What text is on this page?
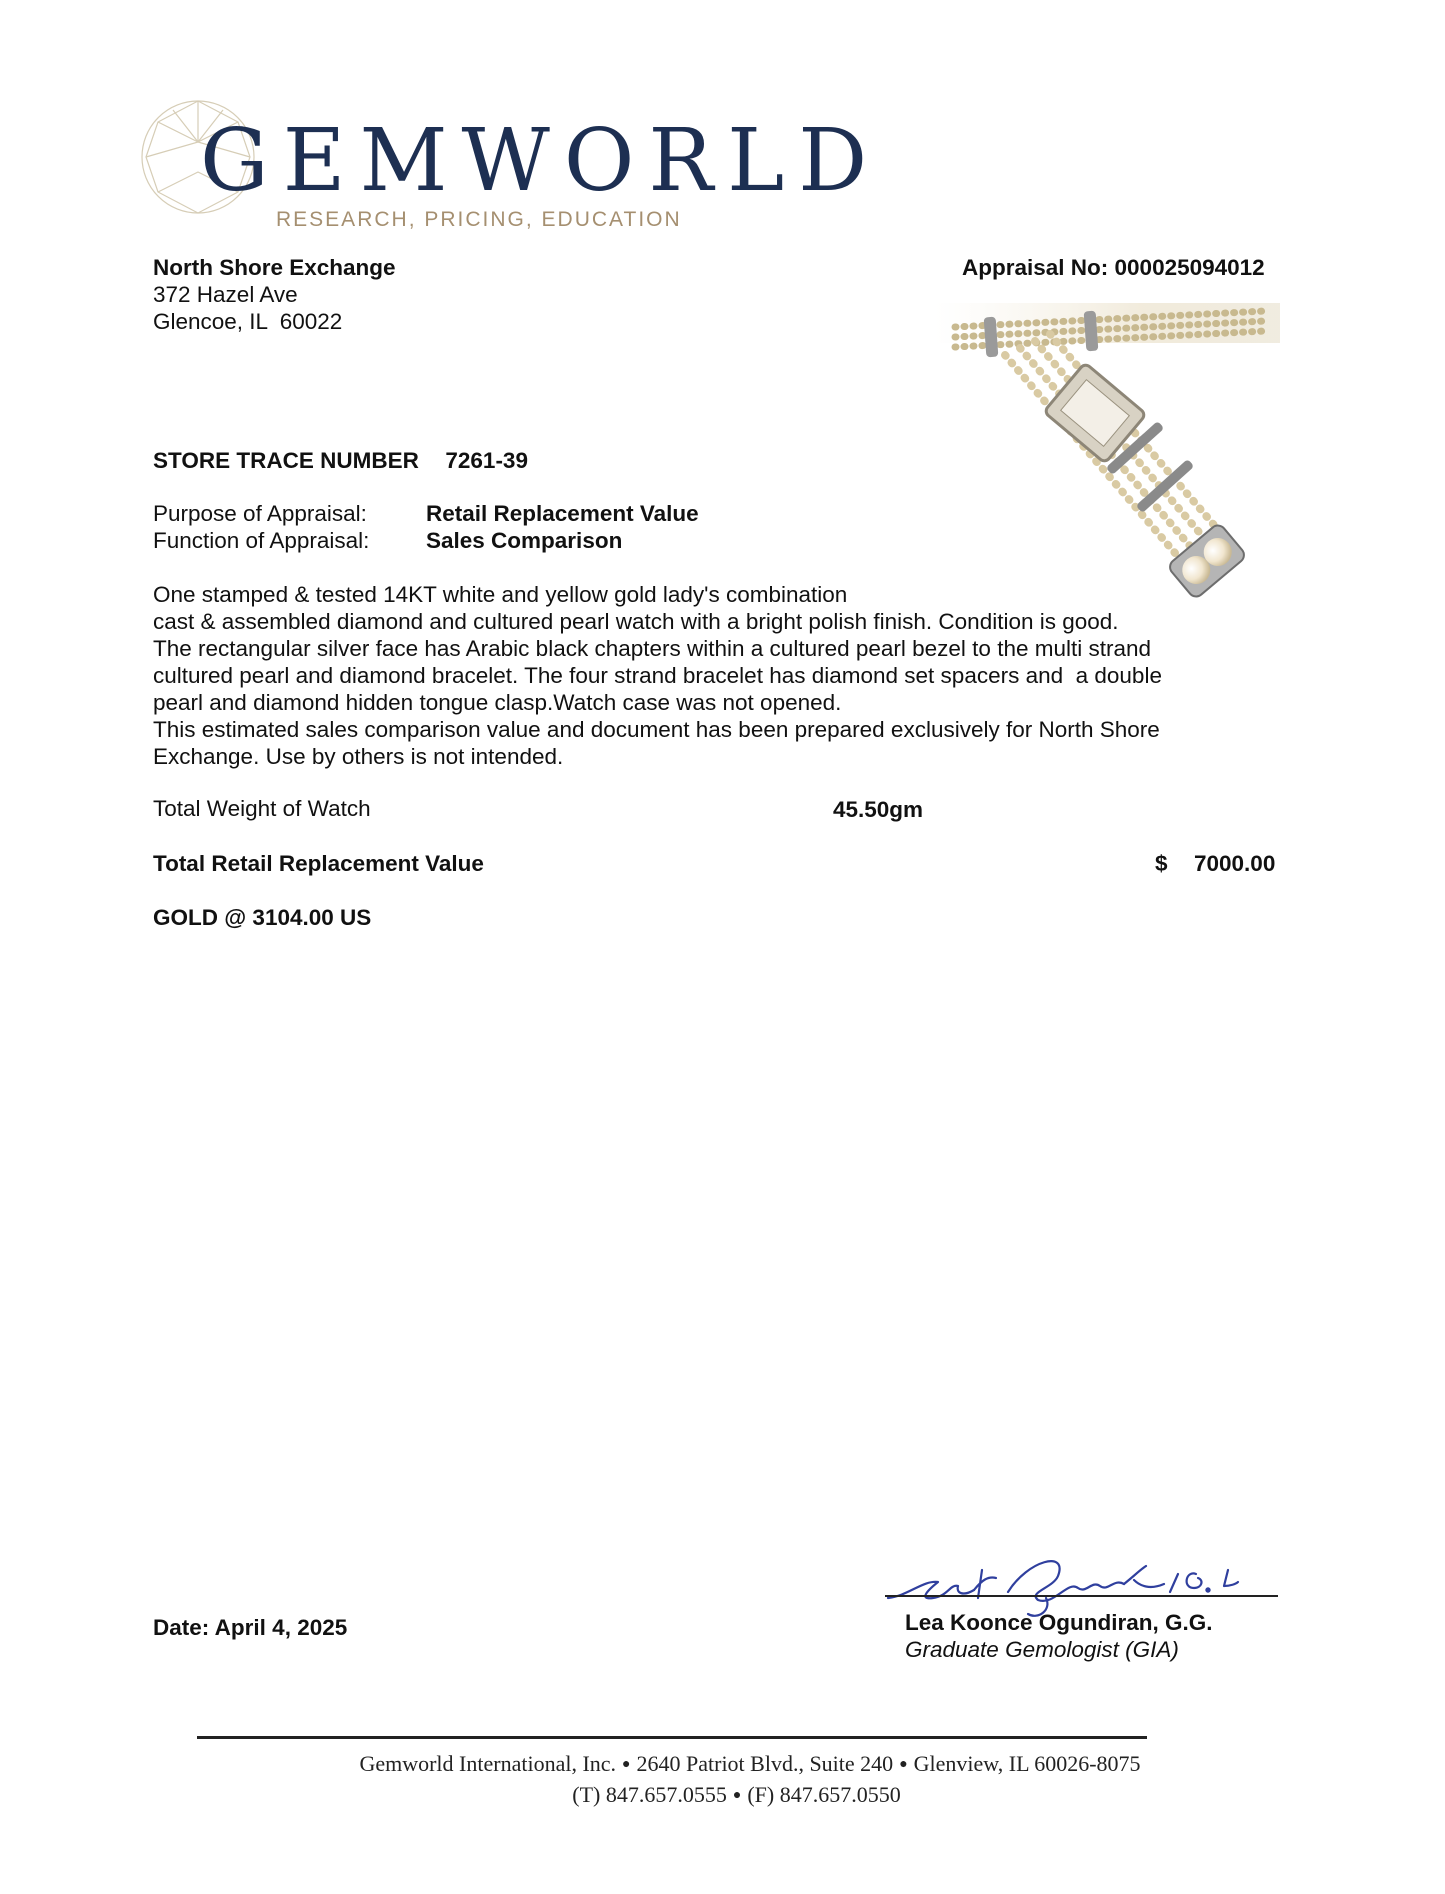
GEMWORLD
RESEARCH, PRICING, EDUCATION
North Shore Exchange
372 Hazel Ave
Glencoe, IL  60022
Appraisal No: 000025094012
STORE TRACE NUMBER 7261-39
Purpose of Appraisal:	Retail Replacement Value
Function of Appraisal:	Sales Comparison
One stamped & tested 14KT white and yellow gold lady's combination
cast & assembled diamond and cultured pearl watch with a bright polish finish. Condition is good.
The rectangular silver face has Arabic black chapters within a cultured pearl bezel to the multi strand
cultured pearl and diamond bracelet. The four strand bracelet has diamond set spacers and  a double
pearl and diamond hidden tongue clasp.Watch case was not opened.
This estimated sales comparison value and document has been prepared exclusively for North Shore
Exchange. Use by others is not intended.
Total Weight of Watch	45.50gm
Total Retail Replacement Value	$ 7000.00
GOLD @ 3104.00 US
Date: April 4, 2025	Lea Koonce Ogundiran, G.G.
Graduate Gemologist (GIA)
Gemworld International, Inc. ● 2640 Patriot Blvd., Suite 240 ● Glenview, IL 60026-8075
(T) 847.657.0555 ● (F) 847.657.0550
